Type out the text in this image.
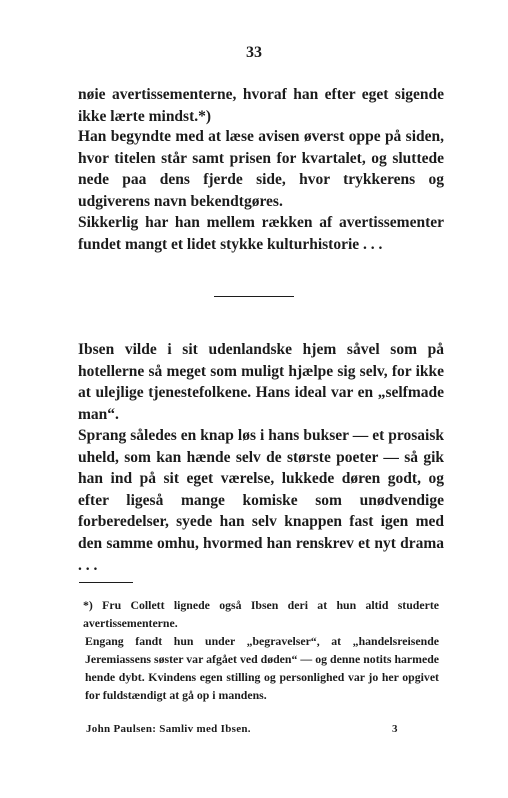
33

nøie avertissementerne, hvoraf han efter eget sigende ikke lærte mindst.*)

Han begyndte med at læse avisen øverst oppe på siden, hvor titelen står samt prisen for kvartalet, og sluttede nede paa dens fjerde side, hvor trykkerens og udgiverens navn bekendtgøres.

Sikkerlig har han mellem rækken af avertissementer fundet mangt et lidet stykke kulturhistorie . . .

Ibsen vilde i sit udenlandske hjem såvel som på hotellerne så meget som muligt hjælpe sig selv, for ikke at ulejlige tjenestefolkene. Hans ideal var en „selfmade man“.

Sprang således en knap løs i hans bukser — et prosaisk uheld, som kan hænde selv de største poeter — så gik han ind på sit eget værelse, lukkede døren godt, og efter ligeså mange komiske som unødvendige forberedelser, syede han selv knappen fast igen med den samme omhu, hvormed han renskrev et nyt drama . . .

*) Fru Collett lignede også Ibsen deri at hun altid studerte avertissementerne.

Engang fandt hun under „begravelser“, at „handelsreisende Jeremiassens søster var afgået ved døden“ — og denne notits harmede hende dybt. Kvindens egen stilling og personlighed var jo her opgivet for fuldstændigt at gå op i mandens.

John Paulsen: Samliv med Ibsen.	3
